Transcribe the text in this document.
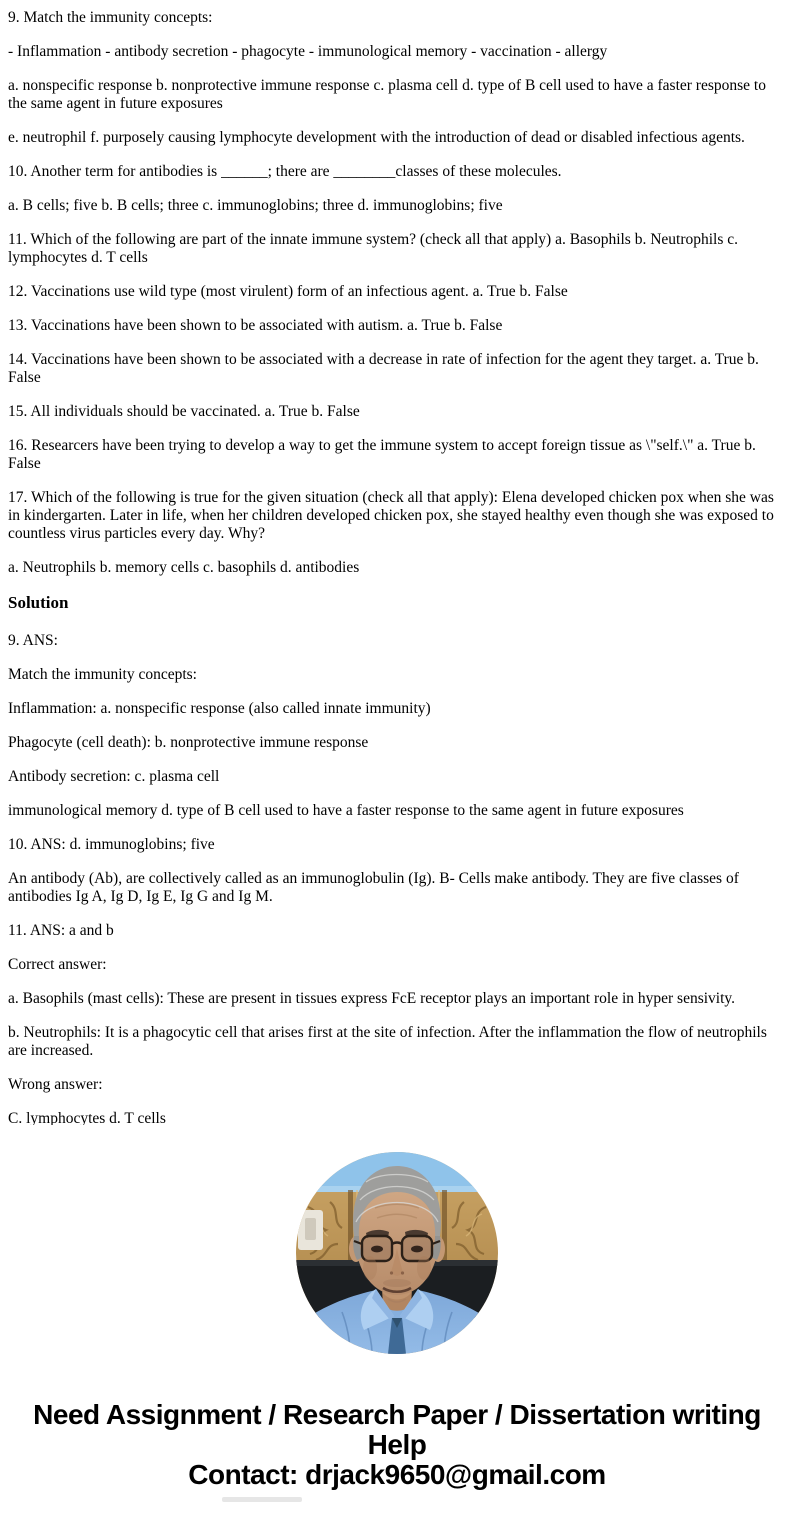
9. Match the immunity concepts:

- Inflammation - antibody secretion - phagocyte - immunological memory - vaccination - allergy

a. nonspecific response b. nonprotective immune response c. plasma cell d. type of B cell used to have a faster response to the same agent in future exposures

e. neutrophil f. purposely causing lymphocyte development with the introduction of dead or disabled infectious agents.

10. Another term for antibodies is ______; there are ________classes of these molecules.

a. B cells; five b. B cells; three c. immunoglobins; three d. immunoglobins; five

11. Which of the following are part of the innate immune system? (check all that apply) a. Basophils b. Neutrophils c. lymphocytes d. T cells

12. Vaccinations use wild type (most virulent) form of an infectious agent. a. True b. False

13. Vaccinations have been shown to be associated with autism. a. True b. False

14. Vaccinations have been shown to be associated with a decrease in rate of infection for the agent they target. a. True b. False

15. All individuals should be vaccinated. a. True b. False

16. Researcers have been trying to develop a way to get the immune system to accept foreign tissue as \"self.\" a. True b. False

17. Which of the following is true for the given situation (check all that apply): Elena developed chicken pox when she was in kindergarten. Later in life, when her children developed chicken pox, she stayed healthy even though she was exposed to countless virus particles every day. Why?

a. Neutrophils b. memory cells c. basophils d. antibodies

Solution

9. ANS:

Match the immunity concepts:

Inflammation: a. nonspecific response (also called innate immunity)

Phagocyte (cell death): b. nonprotective immune response

Antibody secretion: c. plasma cell

immunological memory d. type of B cell used to have a faster response to the same agent in future exposures

10. ANS: d. immunoglobins; five

An antibody (Ab), are collectively called as an immunoglobulin (Ig). B- Cells make antibody. They are five classes of antibodies Ig A, Ig D, Ig E, Ig G and Ig M.

11. ANS: a and b

Correct answer:

a. Basophils (mast cells): These are present in tissues express FcE receptor plays an important role in hyper sensivity.

b. Neutrophils: It is a phagocytic cell that arises first at the site of infection. After the inflammation the flow of neutrophils are increased.

Wrong answer:

C. lymphocytes d. T cells

Need Assignment / Research Paper / Dissertation writing Help
Contact: drjack9650@gmail.com
